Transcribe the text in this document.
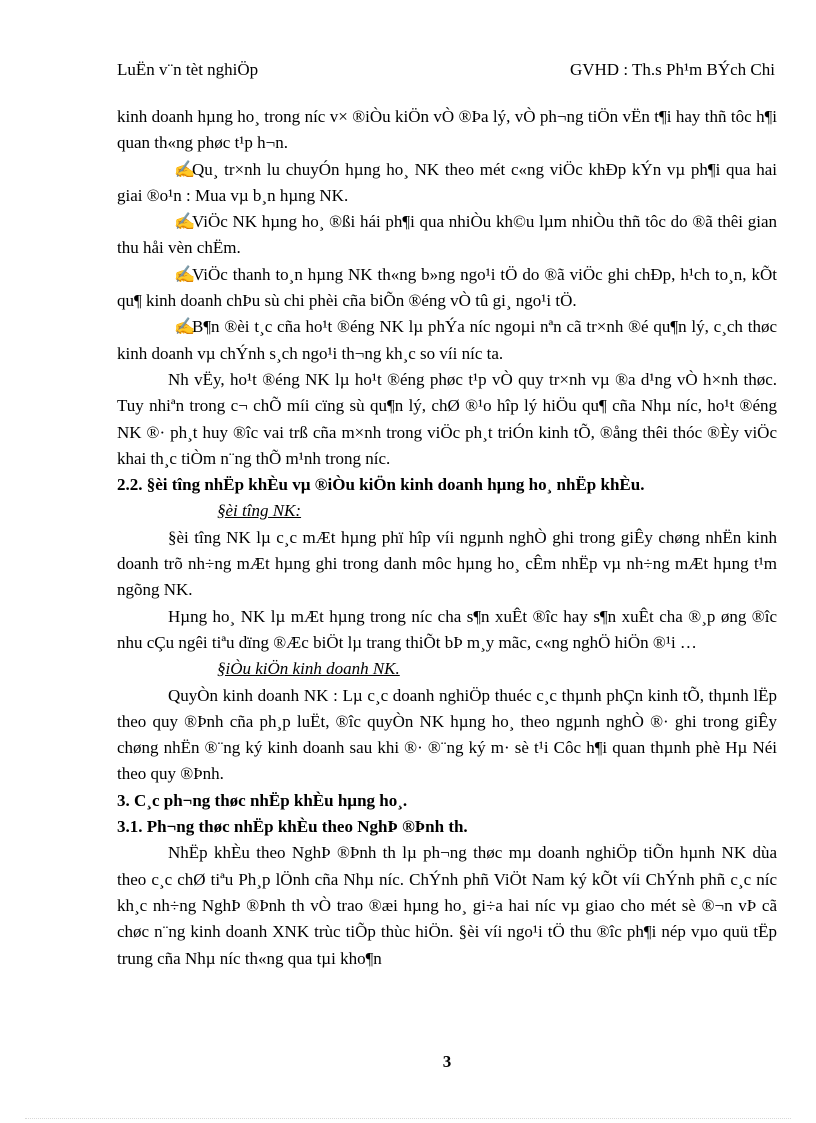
LuËn v¨n tèt nghiÖp	GVHD : Th.s Ph¹m BÝch Chi

kinh doanh hµng ho¸ trong níc v× ®iÒu kiÖn vÒ ®Þa lý, vÒ ph¬ng tiÖn vËn t¶i hay thñ tôc h¶i quan th«ng phøc t¹p h¬n.

✍Qu¸ tr×nh lu chuyÓn hµng ho¸ NK theo mét c«ng viÖc khÐp kÝn vµ ph¶i qua hai giai ®o¹n : Mua vµ b¸n hµng NK.

✍ViÖc NK hµng ho¸ ®ßi hái ph¶i qua nhiÒu kh©u lµm nhiÒu thñ tôc do ®ã thêi gian thu håi vèn chËm.

✍ViÖc thanh to¸n hµng NK th«ng b»ng ngo¹i tÖ do ®ã viÖc ghi chÐp, h¹ch to¸n, kÕt qu¶ kinh doanh chÞu sù chi phèi cña biÕn ®éng vÒ tû gi¸ ngo¹i tÖ.

✍B¶n ®èi t¸c cña ho¹t ®éng NK lµ phÝa níc ngoµi nªn cã tr×nh ®é qu¶n lý, c¸ch thøc kinh doanh vµ chÝnh s¸ch ngo¹i th¬ng kh¸c so víi níc ta.

Nh vËy, ho¹t ®éng NK lµ ho¹t ®éng phøc t¹p vÒ quy tr×nh vµ ®a d¹ng vÒ h×nh thøc. Tuy nhiªn trong c¬ chÕ míi cïng sù qu¶n lý, chØ ®¹o hîp lý hiÖu qu¶ cña Nhµ níc, ho¹t ®éng NK ®· ph¸t huy ®îc vai trß cña m×nh trong viÖc ph¸t triÓn kinh tÕ, ®ång thêi thóc ®Èy viÖc khai th¸c tiÒm n¨ng thÕ m¹nh trong níc.

2.2. §èi tîng nhËp khÈu vµ ®iÒu kiÖn kinh doanh hµng ho¸ nhËp khÈu.

§èi tîng NK:

§èi tîng NK lµ c¸c mÆt hµng phï hîp víi ngµnh nghÒ ghi trong giÊy chøng nhËn kinh doanh trõ nh÷ng mÆt hµng ghi trong danh môc hµng ho¸ cÊm nhËp vµ nh÷ng mÆt hµng t¹m ngõng NK.

Hµng ho¸ NK lµ mÆt hµng trong níc cha s¶n xuÊt ®îc hay s¶n xuÊt cha ®¸p øng ®îc nhu cÇu ngêi tiªu dïng ®Æc biÖt lµ trang thiÕt bÞ m¸y mãc, c«ng nghÖ hiÖn ®¹i …

§iÒu kiÖn kinh doanh NK.

QuyÒn kinh doanh NK : Lµ c¸c doanh nghiÖp thuéc c¸c thµnh phÇn kinh tÕ, thµnh lËp theo quy ®Þnh cña ph¸p luËt, ®îc quyÒn NK hµng ho¸ theo ngµnh nghÒ ®· ghi trong giÊy chøng nhËn ®¨ng ký kinh doanh sau khi ®· ®¨ng ký m· sè t¹i Côc h¶i quan thµnh phè Hµ Néi theo quy ®Þnh.

3. C¸c ph¬ng thøc nhËp khÈu hµng ho¸.

3.1. Ph¬ng thøc nhËp khÈu theo NghÞ ®Þnh th.

NhËp khÈu theo NghÞ ®Þnh th lµ ph¬ng thøc mµ doanh nghiÖp tiÕn hµnh NK dùa theo c¸c chØ tiªu Ph¸p lÖnh cña Nhµ níc. ChÝnh phñ ViÖt Nam ký kÕt víi ChÝnh phñ c¸c níc kh¸c nh÷ng NghÞ ®Þnh th vÒ trao ®æi hµng ho¸ gi÷a hai níc vµ giao cho mét sè ®¬n vÞ cã chøc n¨ng kinh doanh XNK trùc tiÕp thùc hiÖn. §èi víi ngo¹i tÖ thu ®îc ph¶i nép vµo quü tËp trung cña Nhµ níc th«ng qua tµi kho¶n

3
